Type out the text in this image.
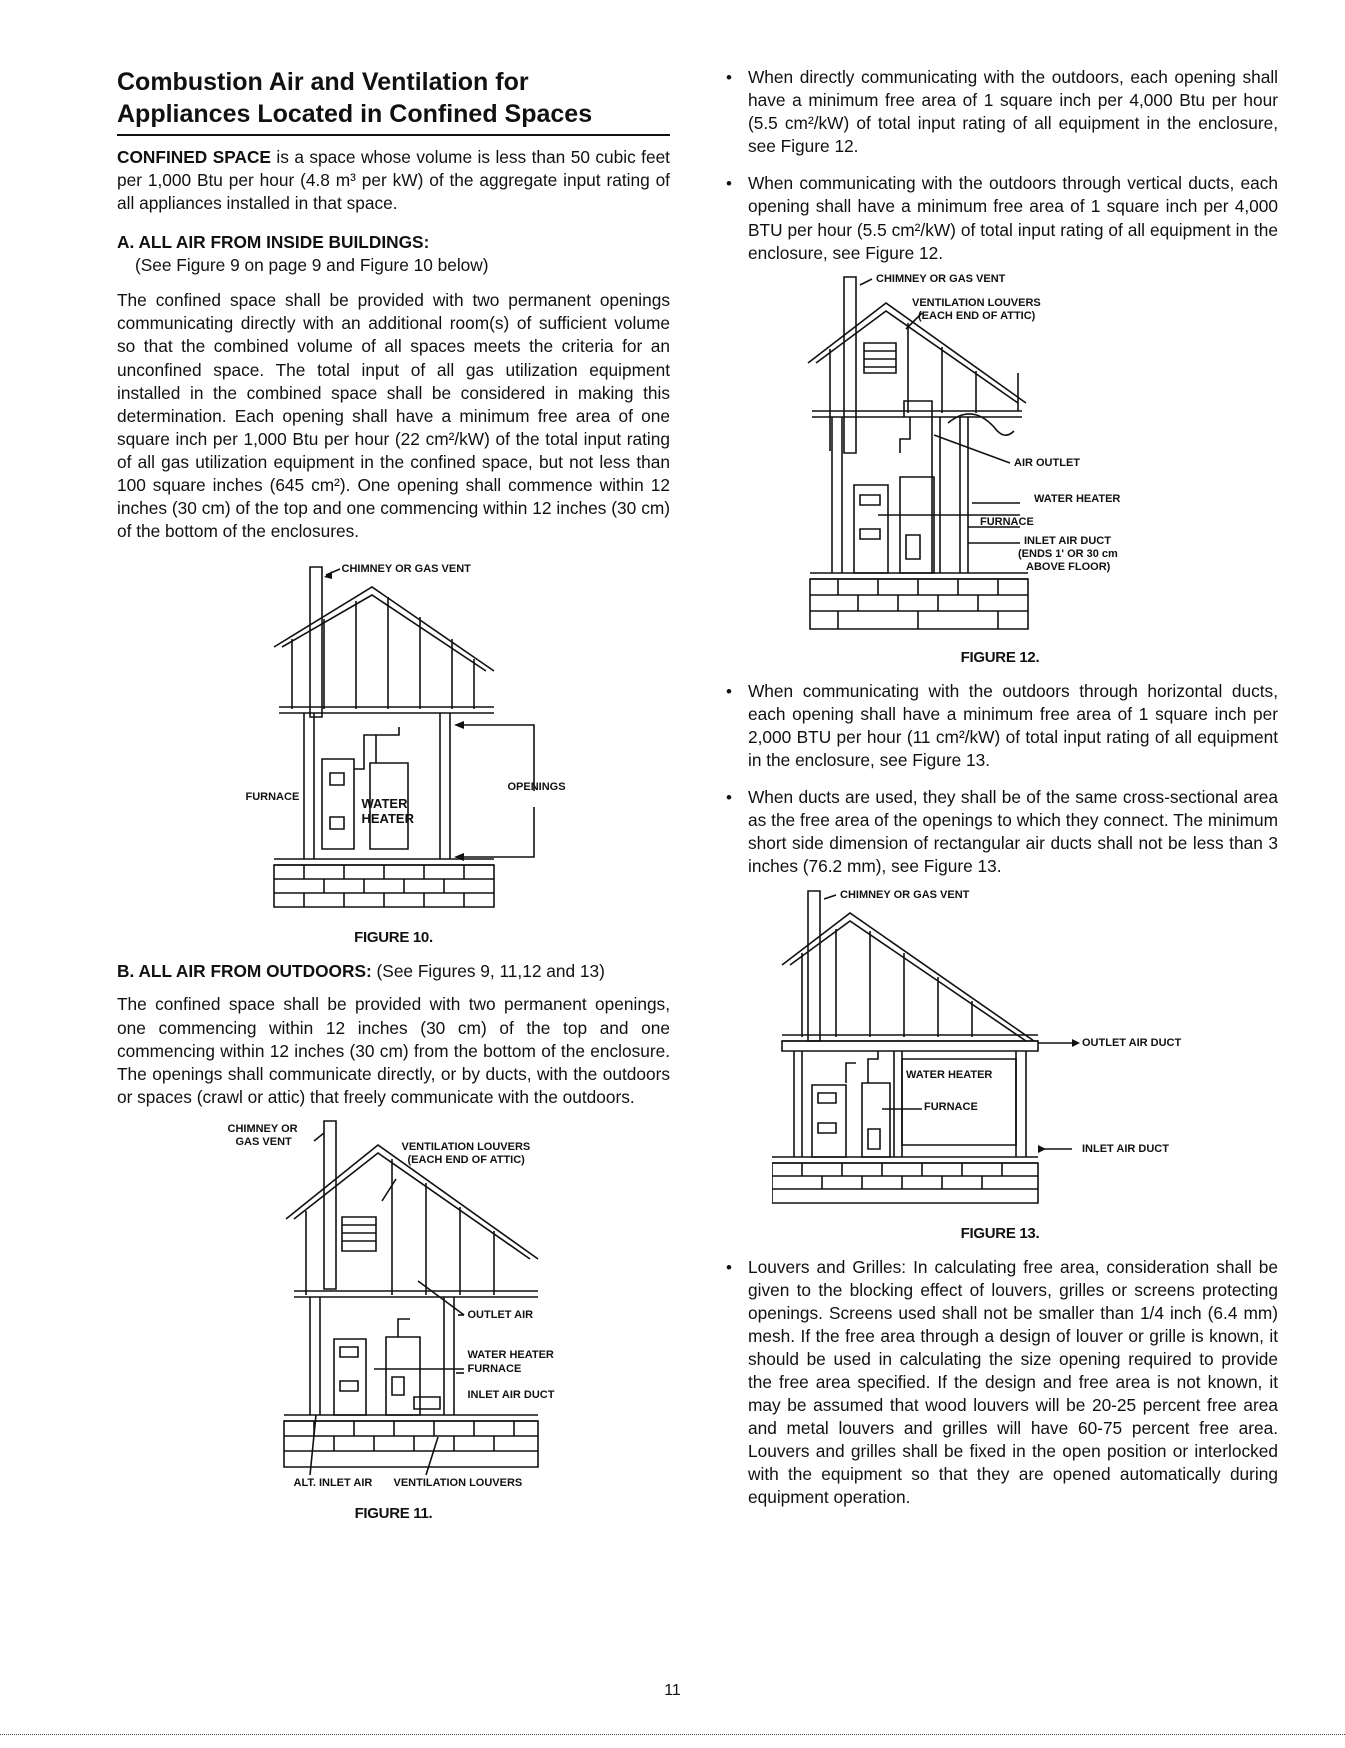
Combustion Air and Ventilation for
Appliances Located in Confined Spaces

CONFINED SPACE is a space whose volume is less than 50 cubic feet per 1,000 Btu per hour (4.8 m³ per kW) of the aggregate input rating of all appliances installed in that space.

A. ALL AIR FROM INSIDE BUILDINGS:
(See Figure 9 on page 9 and Figure 10 below)

The confined space shall be provided with two permanent openings communicating directly with an additional room(s) of sufficient volume so that the combined volume of all spaces meets the criteria for an unconfined space. The total input of all gas utilization equipment installed in the combined space shall be considered in making this determination. Each opening shall have a minimum free area of one square inch per 1,000 Btu per hour (22 cm²/kW) of the total input rating of all gas utilization equipment in the confined space, but not less than 100 square inches (645 cm²). One opening shall commence within 12 inches (30 cm) of the top and one commencing within 12 inches (30 cm) of the bottom of the enclosures.

CHIMNEY OR GAS VENT
FURNACE	WATER
HEATER
OPENINGS
FIGURE 10.

B. ALL AIR FROM OUTDOORS: (See Figures 9, 11,12 and 13)

The confined space shall be provided with two permanent openings, one commencing within 12 inches (30 cm) of the top and one commencing within 12 inches (30 cm) from the bottom of the enclosure. The openings shall communicate directly, or by ducts, with the outdoors or spaces (crawl or attic) that freely communicate with the outdoors.

CHIMNEY OR
GAS VENT	VENTILATION LOUVERS
(EACH END OF ATTIC)
OUTLET AIR
WATER HEATER
FURNACE
INLET AIR DUCT
ALT. INLET AIR VENTILATION LOUVERS
FIGURE 11.

• When directly communicating with the outdoors, each opening shall have a minimum free area of 1 square inch per 4,000 Btu per hour (5.5 cm²/kW) of total input rating of all equipment in the enclosure, see Figure 12.

• When communicating with the outdoors through vertical ducts, each opening shall have a minimum free area of 1 square inch per 4,000 BTU per hour (5.5 cm²/kW) of total input rating of all equipment in the enclosure, see Figure 12.

CHIMNEY OR GAS VENT
VENTILATION LOUVERS
(EACH END OF ATTIC)
AIR OUTLET
WATER HEATER
FURNACE
INLET AIR DUCT
(ENDS 1' OR 30 cm
ABOVE FLOOR)
FIGURE 12.

• When communicating with the outdoors through horizontal ducts, each opening shall have a minimum free area of 1 square inch per 2,000 BTU per hour (11 cm²/kW) of total input rating of all equipment in the enclosure, see Figure 13.

• When ducts are used, they shall be of the same cross-sectional area as the free area of the openings to which they connect. The minimum short side dimension of rectangular air ducts shall not be less than 3 inches (76.2 mm), see Figure 13.

CHIMNEY OR GAS VENT
OUTLET AIR DUCT
WATER HEATER
FURNACE
INLET AIR DUCT
FIGURE 13.

• Louvers and Grilles: In calculating free area, consideration shall be given to the blocking effect of louvers, grilles or screens protecting openings. Screens used shall not be smaller than 1/4 inch (6.4 mm) mesh. If the free area through a design of louver or grille is known, it should be used in calculating the size opening required to provide the free area specified. If the design and free area is not known, it may be assumed that wood louvers will be 20-25 percent free area and metal louvers and grilles will have 60-75 percent free area. Louvers and grilles shall be fixed in the open position or interlocked with the equipment so that they are opened automatically during equipment operation.

11
